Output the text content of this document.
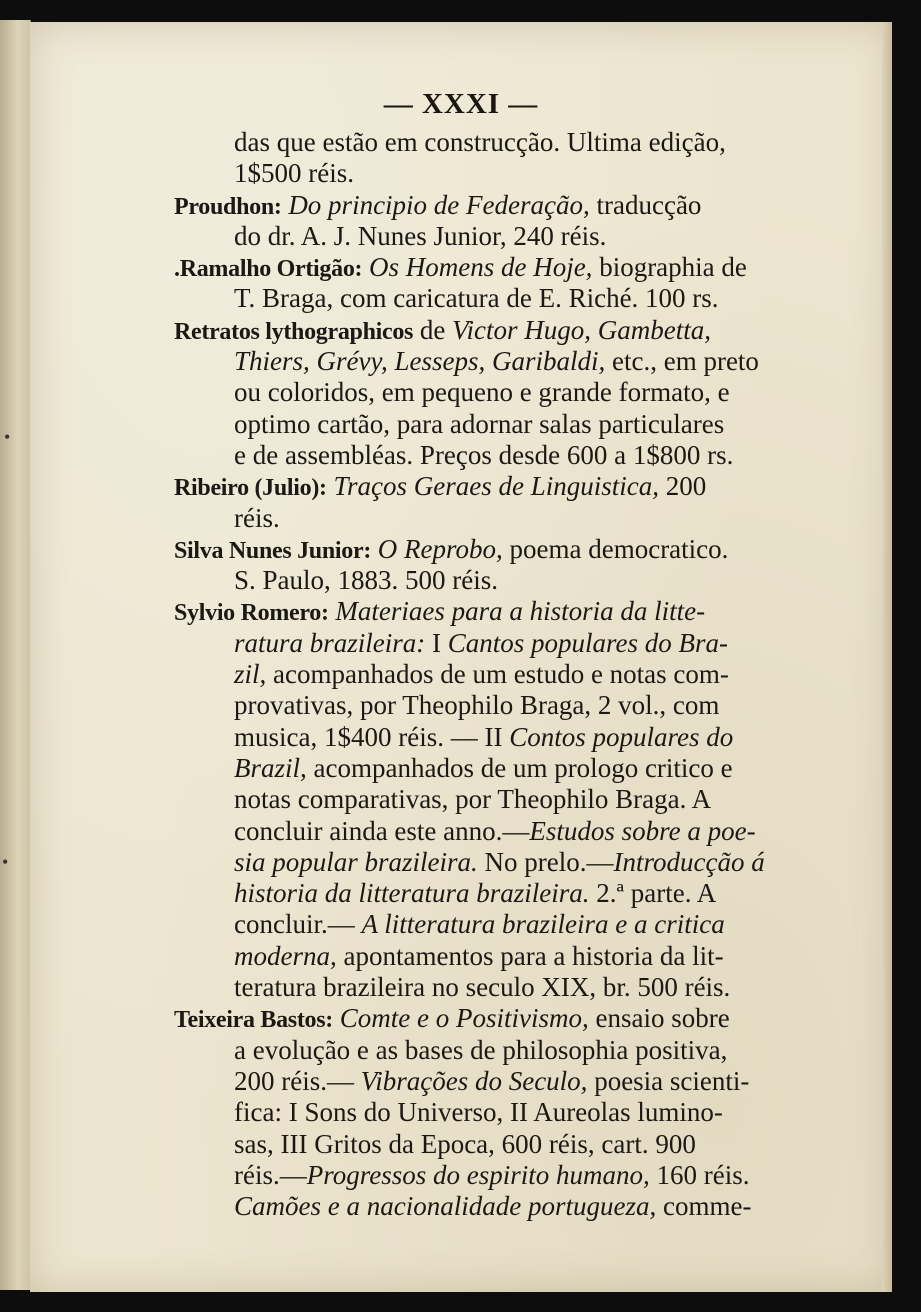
— XXXI —
das que estão em construcção. Ultima edição,
1$500 réis.
Proudhon: Do principio de Federação, traducção
do dr. A. J. Nunes Junior, 240 réis.
.Ramalho Ortigão: Os Homens de Hoje, biographia de
T. Braga, com caricatura de E. Riché. 100 rs.
Retratos lythographicos de Victor Hugo, Gambetta,
Thiers, Grévy, Lesseps, Garibaldi, etc., em preto
ou coloridos, em pequeno e grande formato, e
optimo cartão, para adornar salas particulares
e de assembléas. Preços desde 600 a 1$800 rs.
Ribeiro (Julio): Traços Geraes de Linguistica, 200
réis.
Silva Nunes Junior: O Reprobo, poema democratico.
S. Paulo, 1883. 500 réis.
Sylvio Romero: Materiaes para a historia da litte-
ratura brazileira: I Cantos populares do Bra-
zil, acompanhados de um estudo e notas com-
provativas, por Theophilo Braga, 2 vol., com
musica, 1$400 réis. — II Contos populares do
Brazil, acompanhados de um prologo critico e
notas comparativas, por Theophilo Braga. A
concluir ainda este anno.—Estudos sobre a poe-
sia popular brazileira. No prelo.—Introducção á
historia da litteratura brazileira. 2.ª parte. A
concluir.— A litteratura brazileira e a critica
moderna, apontamentos para a historia da lit-
teratura brazileira no seculo XIX, br. 500 réis.
Teixeira Bastos: Comte e o Positivismo, ensaio sobre
a evolução e as bases de philosophia positiva,
200 réis.— Vibrações do Seculo, poesia scienti-
fica: I Sons do Universo, II Aureolas lumino-
sas, III Gritos da Epoca, 600 réis, cart. 900
réis.—Progressos do espirito humano, 160 réis.
Camões e a nacionalidade portugueza, comme-
•
•
